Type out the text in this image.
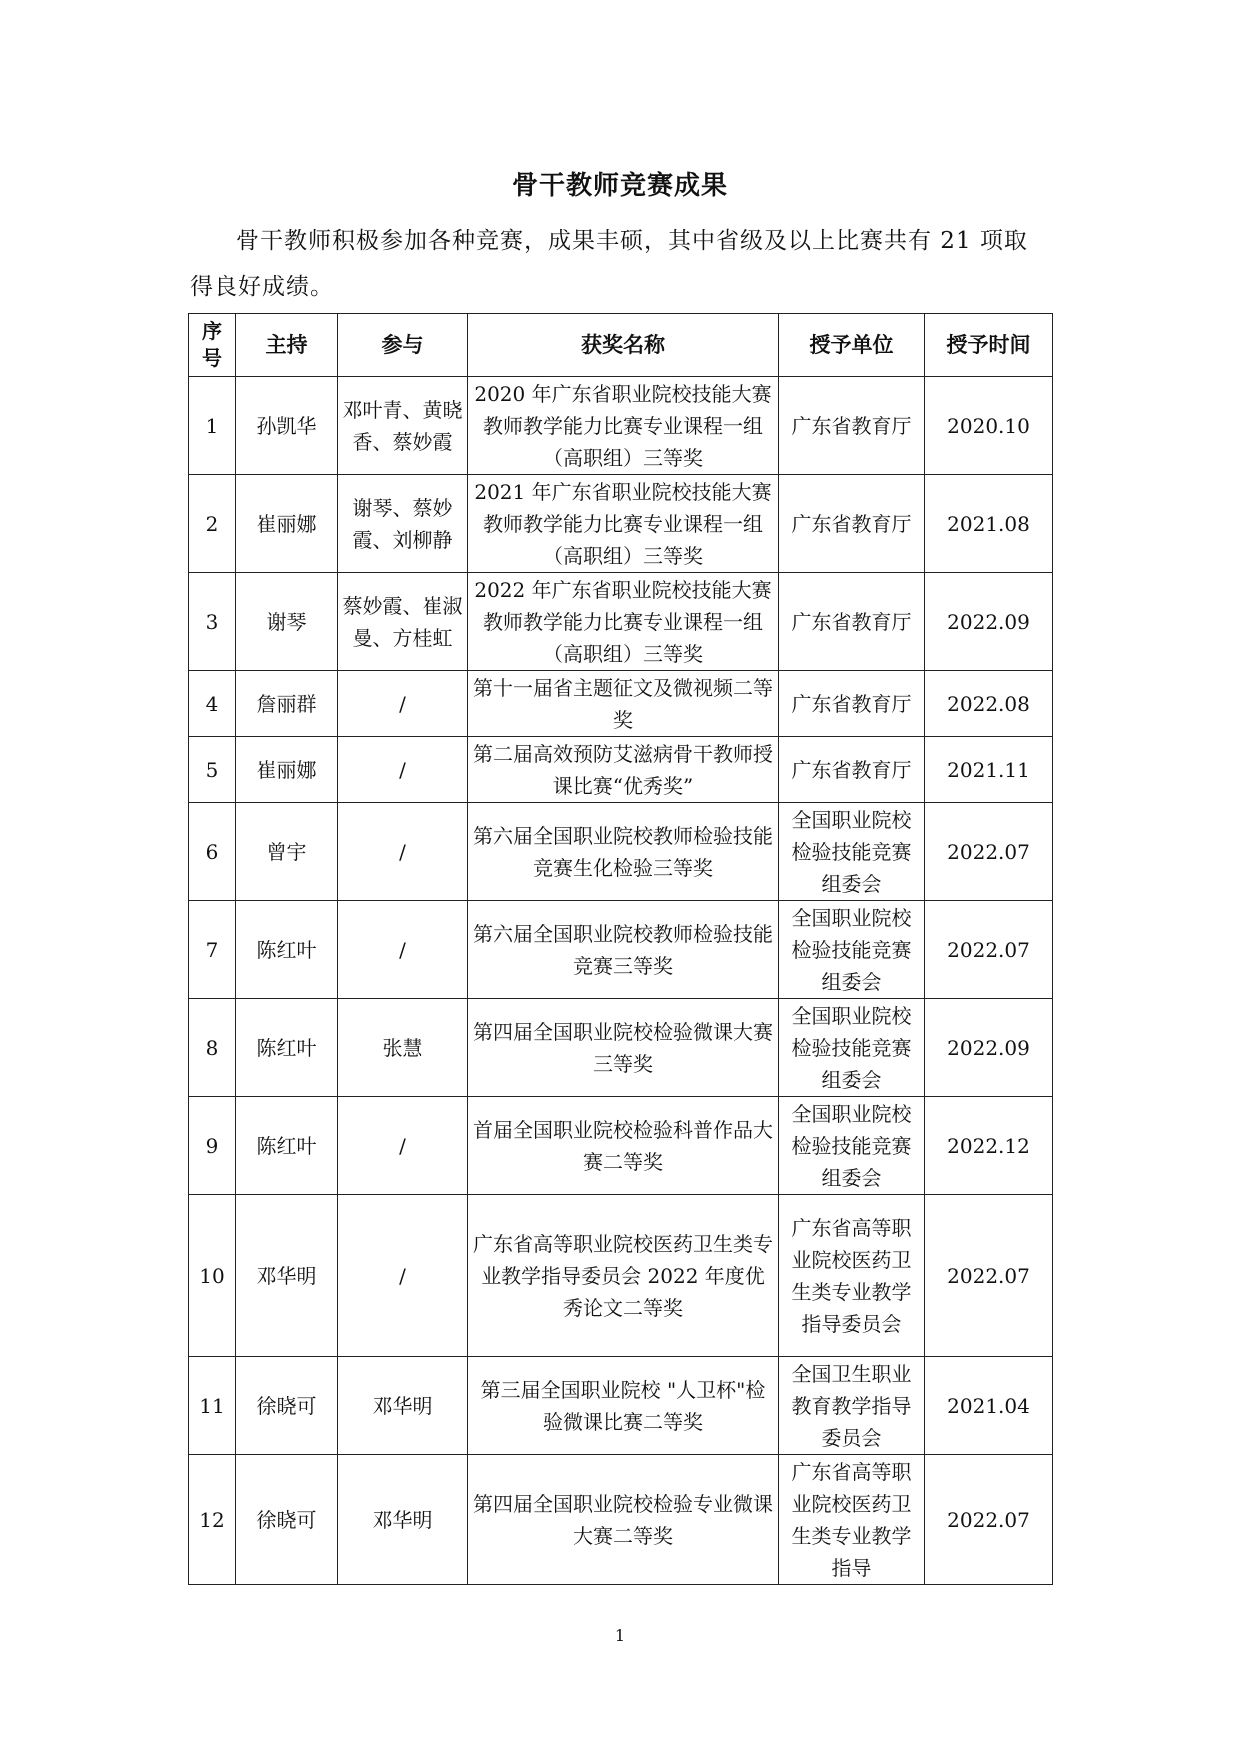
骨干教师竞赛成果
骨干教师积极参加各种竞赛，成果丰硕，其中省级及以上比赛共有 21 项取得良好成绩。
序号	主持	参与	获奖名称	授予单位	授予时间
1	孙凯华	邓叶青、黄晓香、蔡妙霞	2020 年广东省职业院校技能大赛教师教学能力比赛专业课程一组（高职组）三等奖	广东省教育厅	2020.10
2	崔丽娜	谢琴、蔡妙霞、刘柳静	2021 年广东省职业院校技能大赛教师教学能力比赛专业课程一组（高职组）三等奖	广东省教育厅	2021.08
3	谢琴	蔡妙霞、崔淑曼、方桂虹	2022 年广东省职业院校技能大赛教师教学能力比赛专业课程一组（高职组）三等奖	广东省教育厅	2022.09
4	詹丽群	/	第十一届省主题征文及微视频二等奖	广东省教育厅	2022.08
5	崔丽娜	/	第二届高效预防艾滋病骨干教师授课比赛“优秀奖”	广东省教育厅	2021.11
6	曾宇	/	第六届全国职业院校教师检验技能竞赛生化检验三等奖	全国职业院校检验技能竞赛组委会	2022.07
7	陈红叶	/	第六届全国职业院校教师检验技能竞赛三等奖	全国职业院校检验技能竞赛组委会	2022.07
8	陈红叶	张慧	第四届全国职业院校检验微课大赛三等奖	全国职业院校检验技能竞赛组委会	2022.09
9	陈红叶	/	首届全国职业院校检验科普作品大赛二等奖	全国职业院校检验技能竞赛组委会	2022.12
10	邓华明	/	广东省高等职业院校医药卫生类专业教学指导委员会 2022 年度优秀论文二等奖	广东省高等职业院校医药卫生类专业教学指导委员会	2022.07
11	徐晓可	邓华明	第三届全国职业院校 "人卫杯"检验微课比赛二等奖	全国卫生职业教育教学指导委员会	2021.04
12	徐晓可	邓华明	第四届全国职业院校检验专业微课大赛二等奖	广东省高等职业院校医药卫生类专业教学指导	2022.07
1
